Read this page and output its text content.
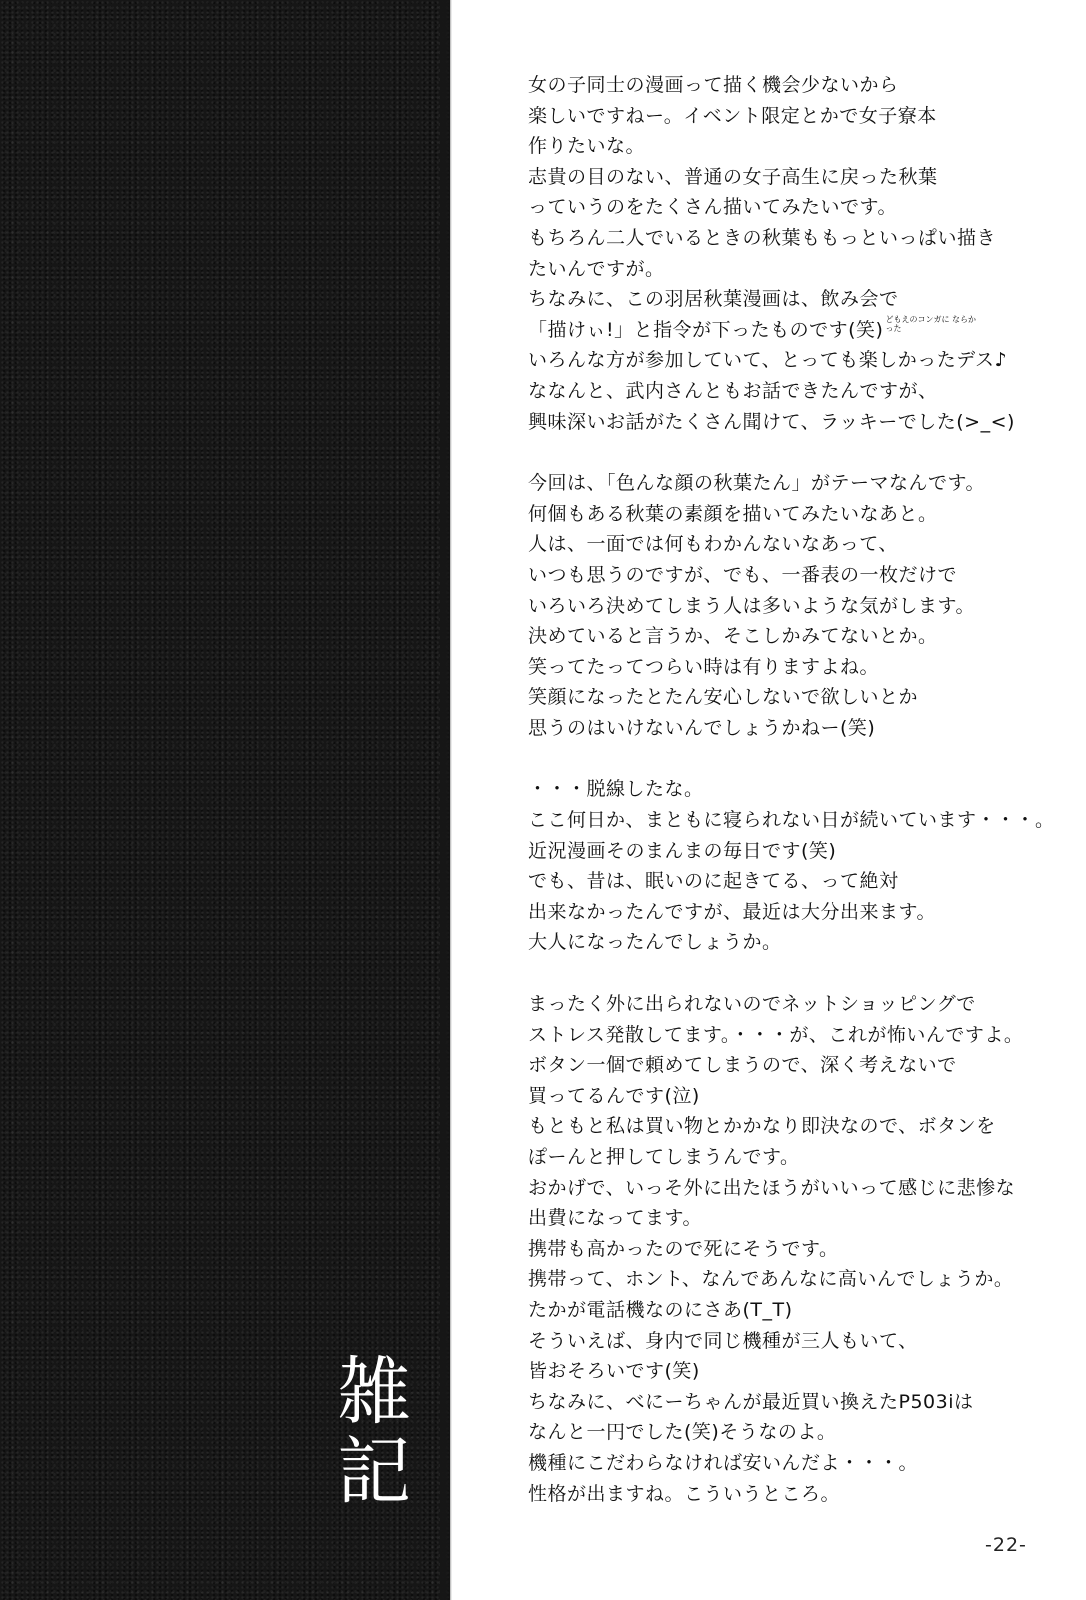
雑記
女の子同士の漫画って描く機会少ないから
楽しいですねー。イベント限定とかで女子寮本
作りたいな。
志貴の目のない、普通の女子高生に戻った秋葉
っていうのをたくさん描いてみたいです。
もちろん二人でいるときの秋葉ももっといっぱい描き
たいんですが。
ちなみに、この羽居秋葉漫画は、飲み会で
「描けぃ!」と指令が下ったものです(笑) どもえのコンガに ならかった
いろんな方が参加していて、とっても楽しかったデス♪
ななんと、武内さんともお話できたんですが、
興味深いお話がたくさん聞けて、ラッキーでした(>_<)
今回は、「色んな顔の秋葉たん」がテーマなんです。
何個もある秋葉の素顔を描いてみたいなあと。
人は、一面では何もわかんないなあって、
いつも思うのですが、でも、一番表の一枚だけで
いろいろ決めてしまう人は多いような気がします。
決めていると言うか、そこしかみてないとか。
笑ってたってつらい時は有りますよね。
笑顔になったとたん安心しないで欲しいとか
思うのはいけないんでしょうかねー(笑)
・・・脱線したな。
ここ何日か、まともに寝られない日が続いています・・・。
近況漫画そのまんまの毎日です(笑)
でも、昔は、眠いのに起きてる、って絶対
出来なかったんですが、最近は大分出来ます。
大人になったんでしょうか。
まったく外に出られないのでネットショッピングで
ストレス発散してます。・・・が、これが怖いんですよ。
ボタン一個で頼めてしまうので、深く考えないで
買ってるんです(泣)
もともと私は買い物とかかなり即決なので、ボタンを
ぽーんと押してしまうんです。
おかげで、いっそ外に出たほうがいいって感じに悲惨な
出費になってます。
携帯も高かったので死にそうです。
携帯って、ホント、なんであんなに高いんでしょうか。
たかが電話機なのにさあ(T_T)
そういえば、身内で同じ機種が三人もいて、
皆おそろいです(笑)
ちなみに、べにーちゃんが最近買い換えたP503iは
なんと一円でした(笑)そうなのよ。
機種にこだわらなければ安いんだよ・・・。
性格が出ますね。こういうところ。
-22-
